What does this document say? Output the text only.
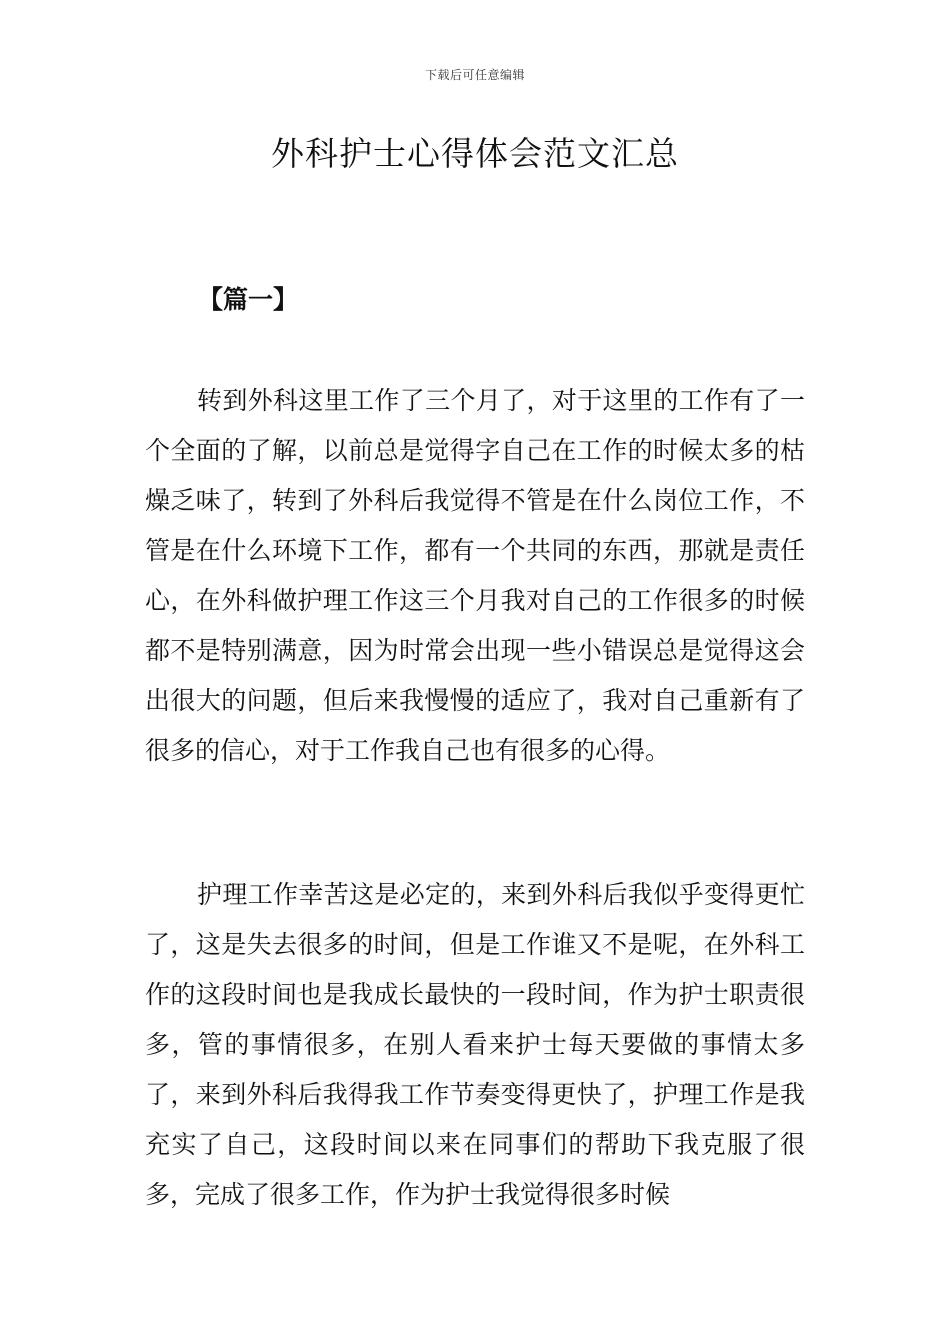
下载后可任意编辑
外科护士心得体会范文汇总
【篇一】

转到外科这里工作了三个月了，对于这里的工作有了一个全面的了解，以前总是觉得字自己在工作的时候太多的枯燥乏味了，转到了外科后我觉得不管是在什么岗位工作，不管是在什么环境下工作，都有一个共同的东西，那就是责任心，在外科做护理工作这三个月我对自己的工作很多的时候都不是特别满意，因为时常会出现一些小错误总是觉得这会出很大的问题，但后来我慢慢的适应了，我对自己重新有了很多的信心，对于工作我自己也有很多的心得。

护理工作幸苦这是必定的，来到外科后我似乎变得更忙了，这是失去很多的时间，但是工作谁又不是呢，在外科工作的这段时间也是我成长最快的一段时间，作为护士职责很多，管的事情很多，在别人看来护士每天要做的事情太多了，来到外科后我得我工作节奏变得更快了，护理工作是我充实了自己，这段时间以来在同事们的帮助下我克服了很多，完成了很多工作，作为护士我觉得很多时候
